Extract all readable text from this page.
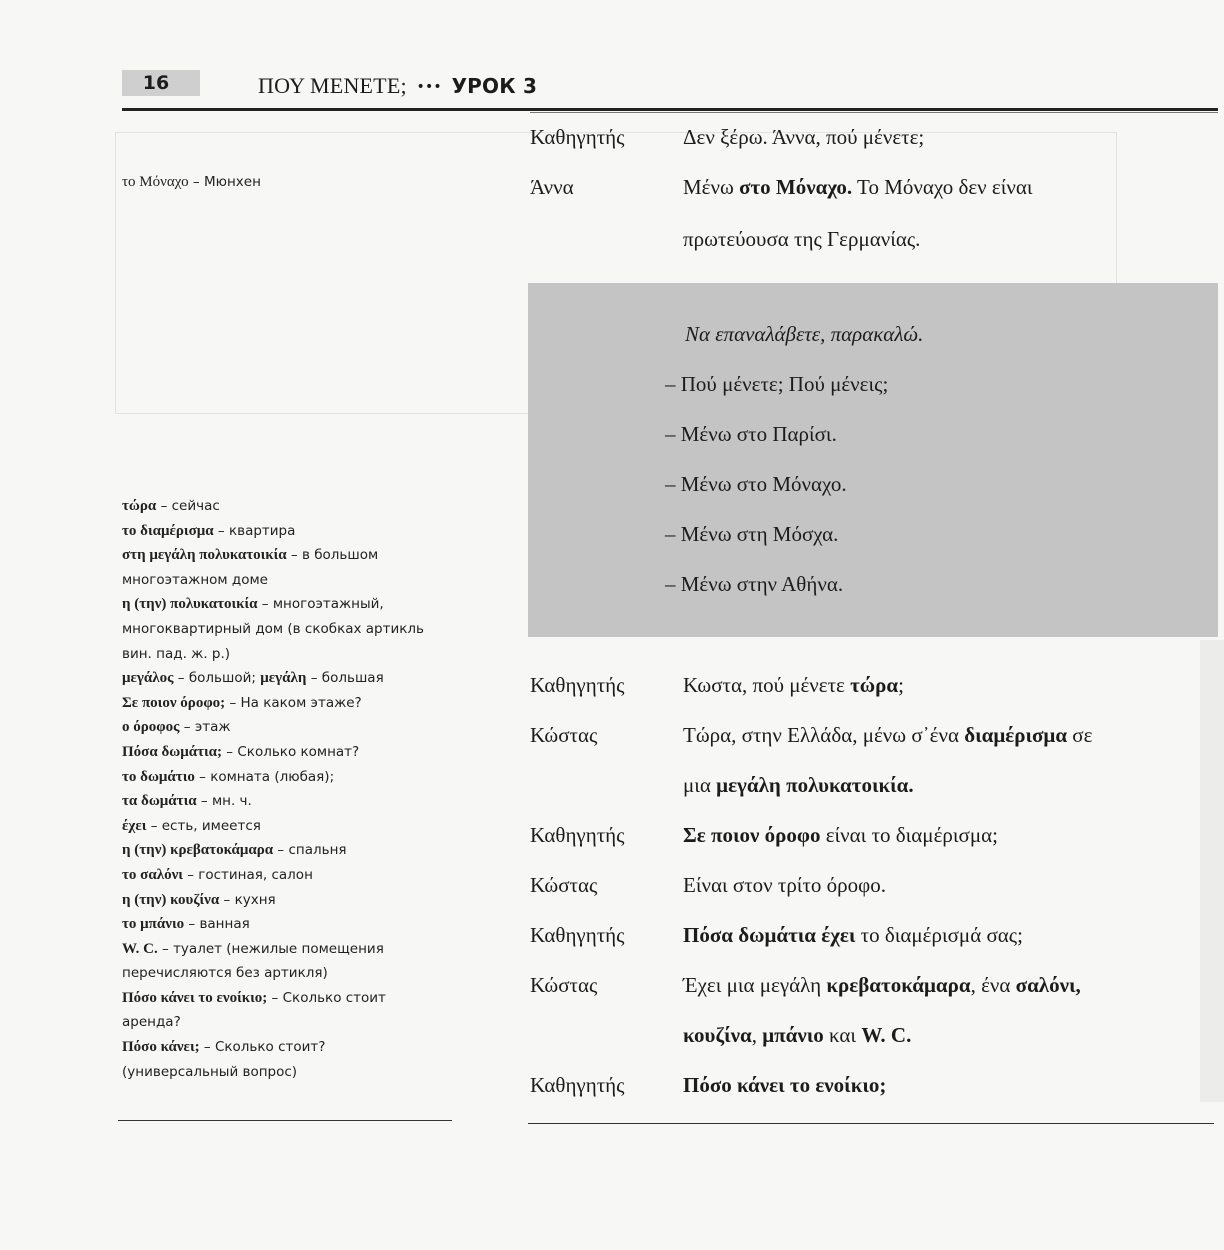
16	ΠΟΥ ΜΕΝΕΤΕ; ••• УРОК 3
το Μόναχο – Мюнхен
τώρα – сейчас
το διαμέρισμα – квартира
στη μεγάλη πολυκατοικία – в большом
многоэтажном доме
η (την) πολυκατοικία – многоэтажный,
многоквартирный дом (в скобках артикль
вин. пад. ж. р.)
μεγάλος – большой; μεγάλη – большая
Σε ποιον όροφο; – На каком этаже?
ο όροφος – этаж
Πόσα δωμάτια; – Сколько комнат?
το δωμάτιο – комната (любая);
τα δωμάτια – мн. ч.
έχει – есть, имеется
η (την) κρεβατοκάμαρα – спальня
το σαλόνι – гостиная, салон
η (την) κουζίνα – кухня
το μπάνιο – ванная
W. C. – туалет (нежилые помещения
перечисляются без артикля)
Πόσο κάνει το ενοίκιο; – Сколько стоит
аренда?
Πόσο κάνει; – Сколько стоит?
(универсальный вопрос)
Καθηγητής	Δεν ξέρω. Άννα, πού μένετε;
Άννα	Μένω στο Μόναχο. Το Μόναχο δεν είναι
πρωτεύουσα της Γερμανίας.
Να επαναλάβετε, παρακαλώ.
– Πού μένετε; Πού μένεις;
– Μένω στο Παρίσι.
– Μένω στο Μόναχο.
– Μένω στη Μόσχα.
– Μένω στην Αθήνα.
Καθηγητής	Κωστα, πού μένετε τώρα;
Κώστας	Τώρα, στην Ελλάδα, μένω σ᾽ένα διαμέρισμα σε
μια μεγάλη πολυκατοικία.
Καθηγητής	Σε ποιον όροφο είναι το διαμέρισμα;
Κώστας	Είναι στον τρίτο όροφο.
Καθηγητής	Πόσα δωμάτια έχει το διαμέρισμά σας;
Κώστας	Έχει μια μεγάλη κρεβατοκάμαρα, ένα σαλόνι,
κουζίνα, μπάνιο και W. C.
Καθηγητής	Πόσο κάνει το ενοίκιο;
